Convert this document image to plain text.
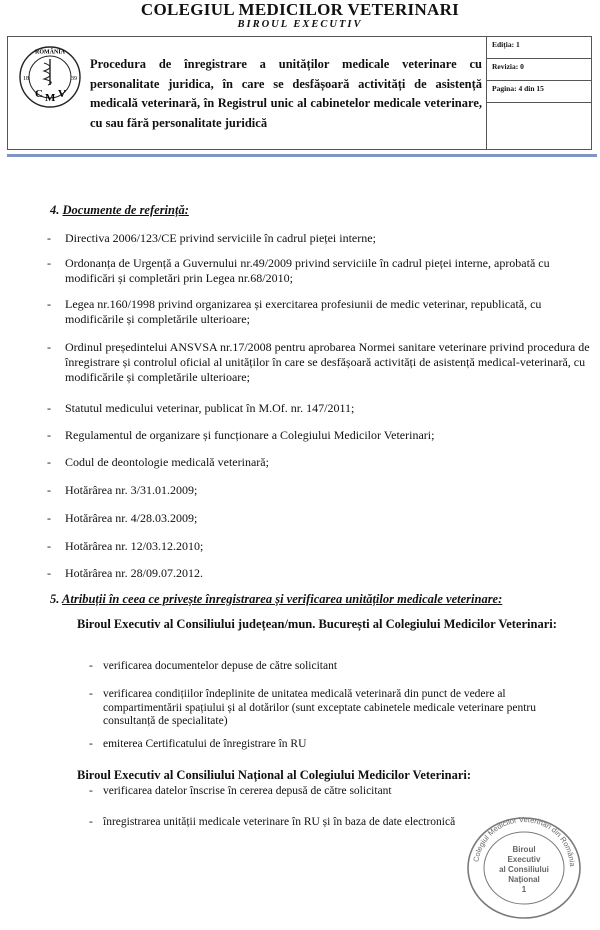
COLEGIUL MEDICILOR VETERINARI
BIROUL EXECUTIV
ROMÂNIA
18	39
C M V
Procedura de înregistrare a unităților medicale veterinare cu personalitate juridica, în care se desfășoară activități de asistență medicală veterinară, în Registrul unic al cabinetelor medicale veterinare, cu sau fără personalitate juridică
Ediția: 1
Revizia: 0
Pagina: 4 din 15
4. Documente de referință:
- Directiva 2006/123/CE privind serviciile în cadrul pieței interne;
- Ordonanța de Urgență a Guvernului nr.49/2009 privind serviciile în cadrul pieței interne, aprobată cu modificări și completări prin Legea nr.68/2010;
- Legea nr.160/1998 privind organizarea și exercitarea profesiunii de medic veterinar, republicată, cu modificările și completările ulterioare;
- Ordinul președintelui ANSVSA nr.17/2008 pentru aprobarea Normei sanitare veterinare privind procedura de înregistrare și controlul oficial al unităților în care se desfășoară activități de asistență medical-veterinară, cu modificările și completările ulterioare;
- Statutul medicului veterinar, publicat în M.Of. nr. 147/2011;
- Regulamentul de organizare și funcționare a Colegiului Medicilor Veterinari;
- Codul de deontologie medicală veterinară;
- Hotărârea nr. 3/31.01.2009;
- Hotărârea nr. 4/28.03.2009;
- Hotărârea nr. 12/03.12.2010;
- Hotărârea nr. 28/09.07.2012.
5. Atribuții în ceea ce privește înregistrarea și verificarea unităților medicale veterinare:
Biroul Executiv al Consiliului județean/mun. București al Colegiului Medicilor Veterinari:
- verificarea documentelor depuse de către solicitant
- verificarea condițiilor îndeplinite de unitatea medicală veterinară din punct de vedere al compartimentării spațiului și al dotărilor (sunt exceptate cabinetele medicale veterinare pentru consultanță de specialitate)
- emiterea Certificatului de înregistrare în RU
Biroul Executiv al Consiliului Național al Colegiului Medicilor Veterinari:
- verificarea datelor înscrise în cererea depusă de către solicitant
- înregistrarea unității medicale veterinare în RU și în baza de date electronică
Colegiul Medicilor Veterinari din România
Biroul
Executiv
al Consiliului
Național
1
